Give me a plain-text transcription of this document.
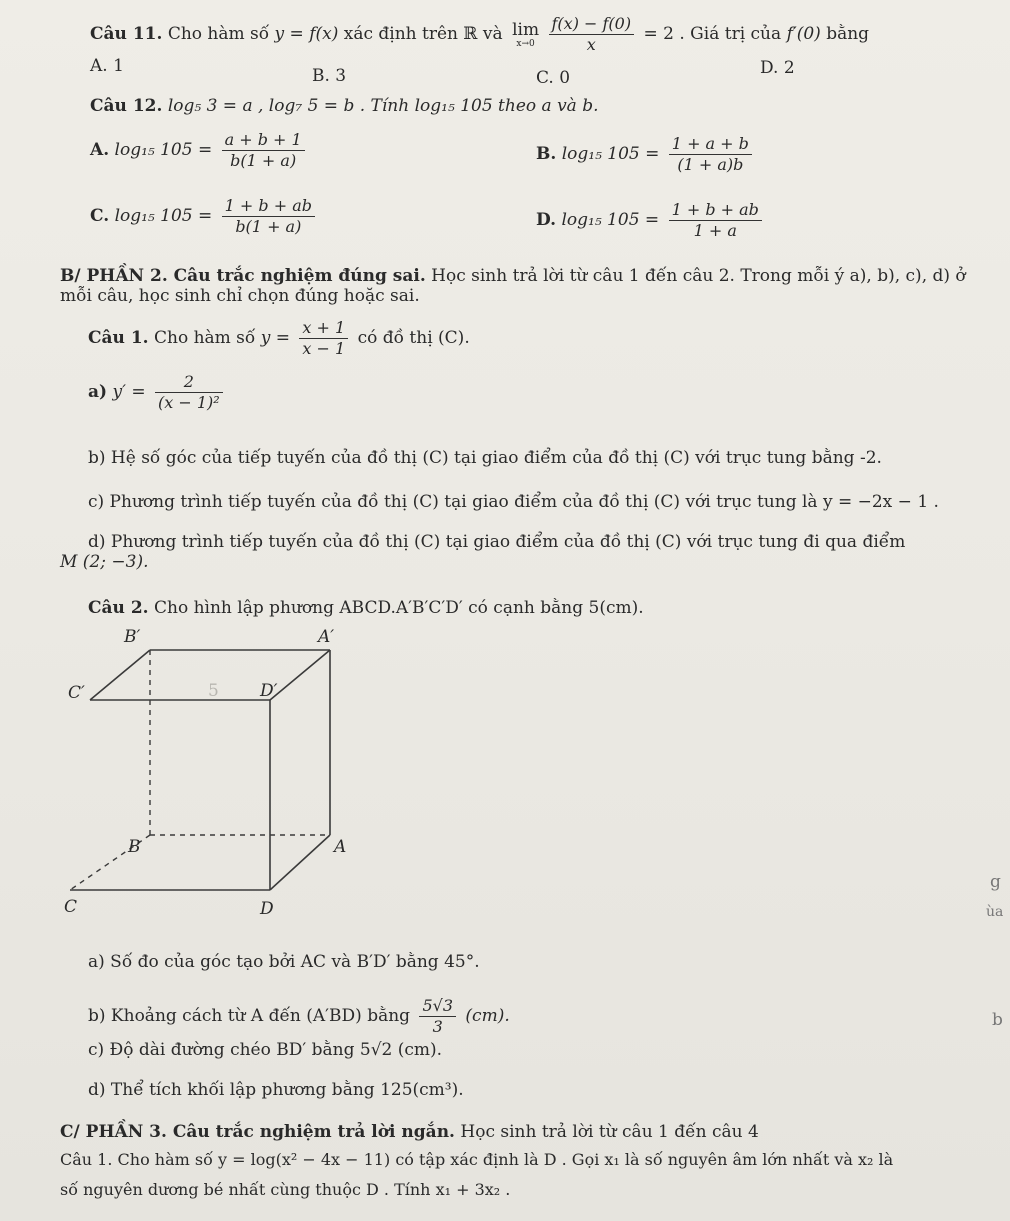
Câu 11. Cho hàm số y = f(x) xác định trên ℝ và lim
x→0
$\frac{f(x) - f(0)}{x} = 2$ . Giá trị của f′(0) bằng
A. 1	B. 3	C. 0	D. 2
Câu 12. log₅ 3 = a , log₇ 5 = b . Tính log₁₅ 105 theo a và b.
A. log₁₅ $105 = \frac{a + b + 1}{b(1 + a)}$	B. log₁₅ $105 = \frac{1 + a + b}{(1 + a)b}$
C. log₁₅ $105 = \frac{1 + b + ab}{b(1 + a)}$	D. log₁₅ $105 = \frac{1 + b + ab}{1 + a}$
B/ PHẦN 2. Câu trắc nghiệm đúng sai. Học sinh trả lời từ câu 1 đến câu 2. Trong mỗi ý a), b), c), d) ở
mỗi câu, học sinh chỉ chọn đúng hoặc sai.
Câu 1. Cho hàm số $y = \frac{x + 1}{x - 1}$ có đồ thị (C).
a) $y' = \frac{2}{\text{(x − 1)²}}$
b) Hệ số góc của tiếp tuyến của đồ thị (C) tại giao điểm của đồ thị (C) với trục tung bằng -2.
c) Phương trình tiếp tuyến của đồ thị (C) tại giao điểm của đồ thị (C) với trục tung là y = −2x − 1 .
d) Phương trình tiếp tuyến của đồ thị (C) tại giao điểm của đồ thị (C) với trục tung đi qua điểm
M (2; −3).
Câu 2. Cho hình lập phương ABCD.A′B′C′D′ có cạnh bằng 5(cm).
B′	A′
C′	D′
B	A
C	D
5
a) Số đo của góc tạo bởi AC và B′D′ bằng 45°.
b) Khoảng cách từ A đến (A′BD) bằng $\frac{5√3}{3} (cm)$.
c) Độ dài đường chéo BD′ bằng 5√2 (cm).
d) Thể tích khối lập phương bằng 125(cm³).
C/ PHẦN 3. Câu trắc nghiệm trả lời ngắn. Học sinh trả lời từ câu 1 đến câu 4
Câu 1. Cho hàm số y = log(x² − 4x − 11) có tập xác định là D . Gọi x₁ là số nguyên âm lớn nhất và x₂ là
số nguyên dương bé nhất cùng thuộc D . Tính x₁ + 3x₂ .
g
ùa
b
